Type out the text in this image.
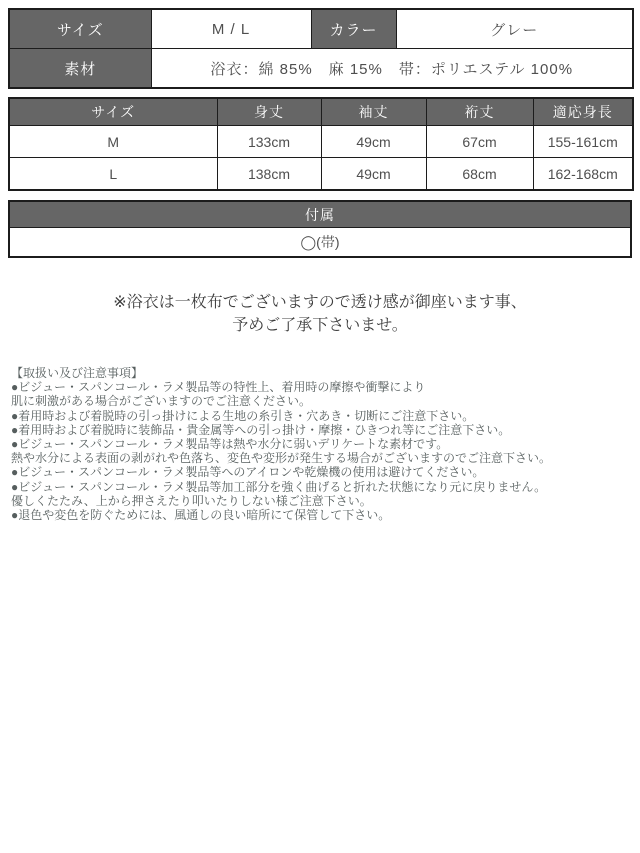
サイズ	M / L	カラー	グレー
素材	浴衣：綿 85%　麻 15%　帯：ポリエステル 100%		
サイズ	身丈	袖丈	裄丈	適応身長
M	133cm	49cm	67cm	155-161cm
L	138cm	49cm	68cm	162-168cm
付属
◯(帯)
※浴衣は一枚布でございますので透け感が御座います事、
予めご了承下さいませ。
【取扱い及び注意事項】
●ビジュー・スパンコール・ラメ製品等の特性上、着用時の摩擦や衝撃により
肌に刺激がある場合がございますのでご注意ください。
●着用時および着脱時の引っ掛けによる生地の糸引き・穴あき・切断にご注意下さい。
●着用時および着脱時に装飾品・貴金属等への引っ掛け・摩擦・ひきつれ等にご注意下さい。
●ビジュー・スパンコール・ラメ製品等は熱や水分に弱いデリケートな素材です。
熱や水分による表面の剥がれや色落ち、変色や変形が発生する場合がございますのでご注意下さい。
●ビジュー・スパンコール・ラメ製品等へのアイロンや乾燥機の使用は避けてください。
●ビジュー・スパンコール・ラメ製品等加工部分を強く曲げると折れた状態になり元に戻りません。
優しくたたみ、上から押さえたり叩いたりしない様ご注意下さい。
●退色や変色を防ぐためには、風通しの良い暗所にて保管して下さい。
